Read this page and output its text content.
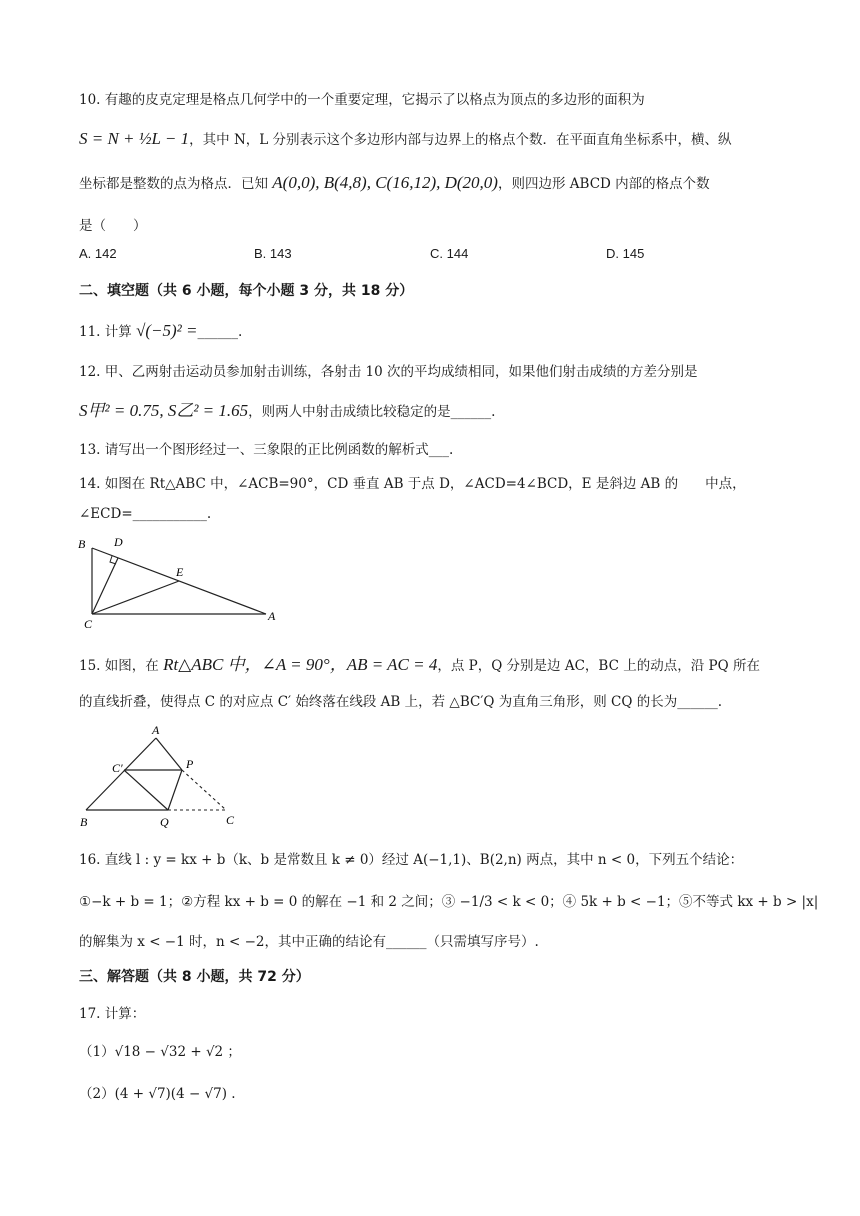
10. 有趣的皮克定理是格点几何学中的一个重要定理，它揭示了以格点为顶点的多边形的面积为
S = N + ½L − 1，其中 N，L 分别表示这个多边形内部与边界上的格点个数．在平面直角坐标系中，横、纵
坐标都是整数的点为格点．已知 A(0,0), B(4,8), C(16,12), D(20,0)，则四边形 ABCD 内部的格点个数
是（　　）
A. 142	B. 143	C. 144	D. 145
二、填空题（共 6 小题，每个小题 3 分，共 18 分）
11. 计算 √(−5)² =______.
12. 甲、乙两射击运动员参加射击训练，各射击 10 次的平均成绩相同，如果他们射击成绩的方差分别是
S甲² = 0.75, S乙² = 1.65，则两人中射击成绩比较稳定的是______.
13. 请写出一个图形经过一、三象限的正比例函数的解析式___.
14. 如图在 Rt△ABC 中，∠ACB=90°，CD 垂直 AB 于点 D，∠ACD=4∠BCD，E 是斜边 AB 的　　中点，
∠ECD=___________.
B D
E
C
A
15. 如图，在 Rt△ABC 中，∠A = 90°，AB = AC = 4，点 P，Q 分别是边 AC，BC 上的动点，沿 PQ 所在
的直线折叠，使得点 C 的对应点 C′ 始终落在线段 AB 上，若 △BC′Q 为直角三角形，则 CQ 的长为______.
A
C′	P
B	Q	C
16. 直线 l : y = kx + b（k、b 是常数且 k ≠ 0）经过 A(−1,1)、B(2,n) 两点，其中 n < 0，下列五个结论：
①−k + b = 1；②方程 kx + b = 0 的解在 −1 和 2 之间；③ −1/3 < k < 0；④ 5k + b < −1；⑤不等式 kx + b > |x|
的解集为 x < −1 时，n < −2，其中正确的结论有______（只需填写序号）.
三、解答题（共 8 小题，共 72 分）
17. 计算：
（1）√18 − √32 + √2 ；
（2）(4 + √7)(4 − √7) .
